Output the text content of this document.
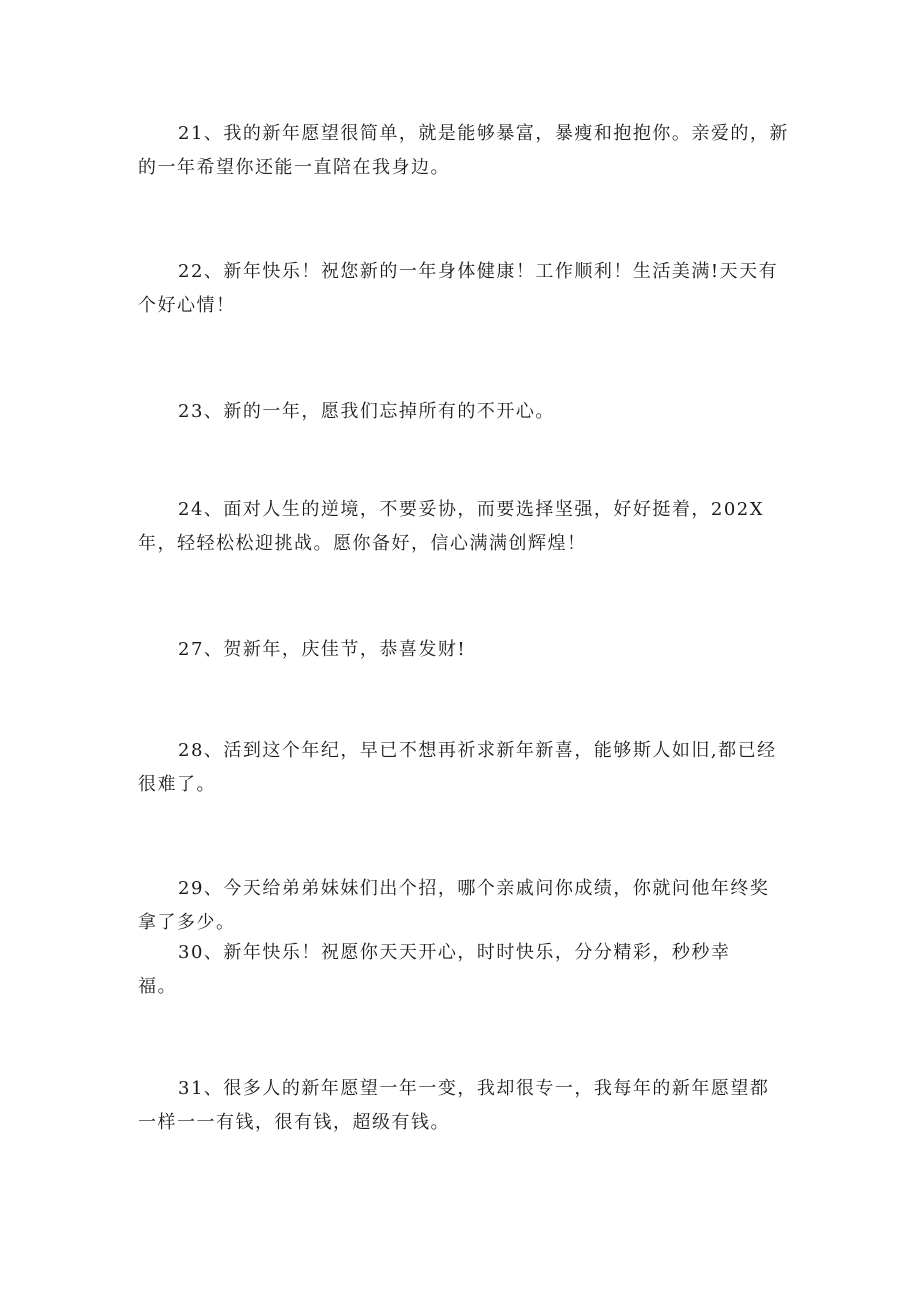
21、我的新年愿望很简单，就是能够暴富，暴瘦和抱抱你。亲爱的，新的一年希望你还能一直陪在我身边。

22、新年快乐！祝您新的一年身体健康！工作顺利！生活美满!天天有个好心情！

23、新的一年，愿我们忘掉所有的不开心。

24、面对人生的逆境，不要妥协，而要选择坚强，好好挺着，202X年，轻轻松松迎挑战。愿你备好，信心满满创辉煌！

27、贺新年，庆佳节，恭喜发财!

28、活到这个年纪，早已不想再祈求新年新喜，能够斯人如旧,都已经很难了。

29、今天给弟弟妹妹们出个招，哪个亲戚问你成绩，你就问他年终奖拿了多少。

30、新年快乐！祝愿你天天开心，时时快乐，分分精彩，秒秒幸福。

31、很多人的新年愿望一年一变，我却很专一，我每年的新年愿望都一样一一有钱，很有钱，超级有钱。
